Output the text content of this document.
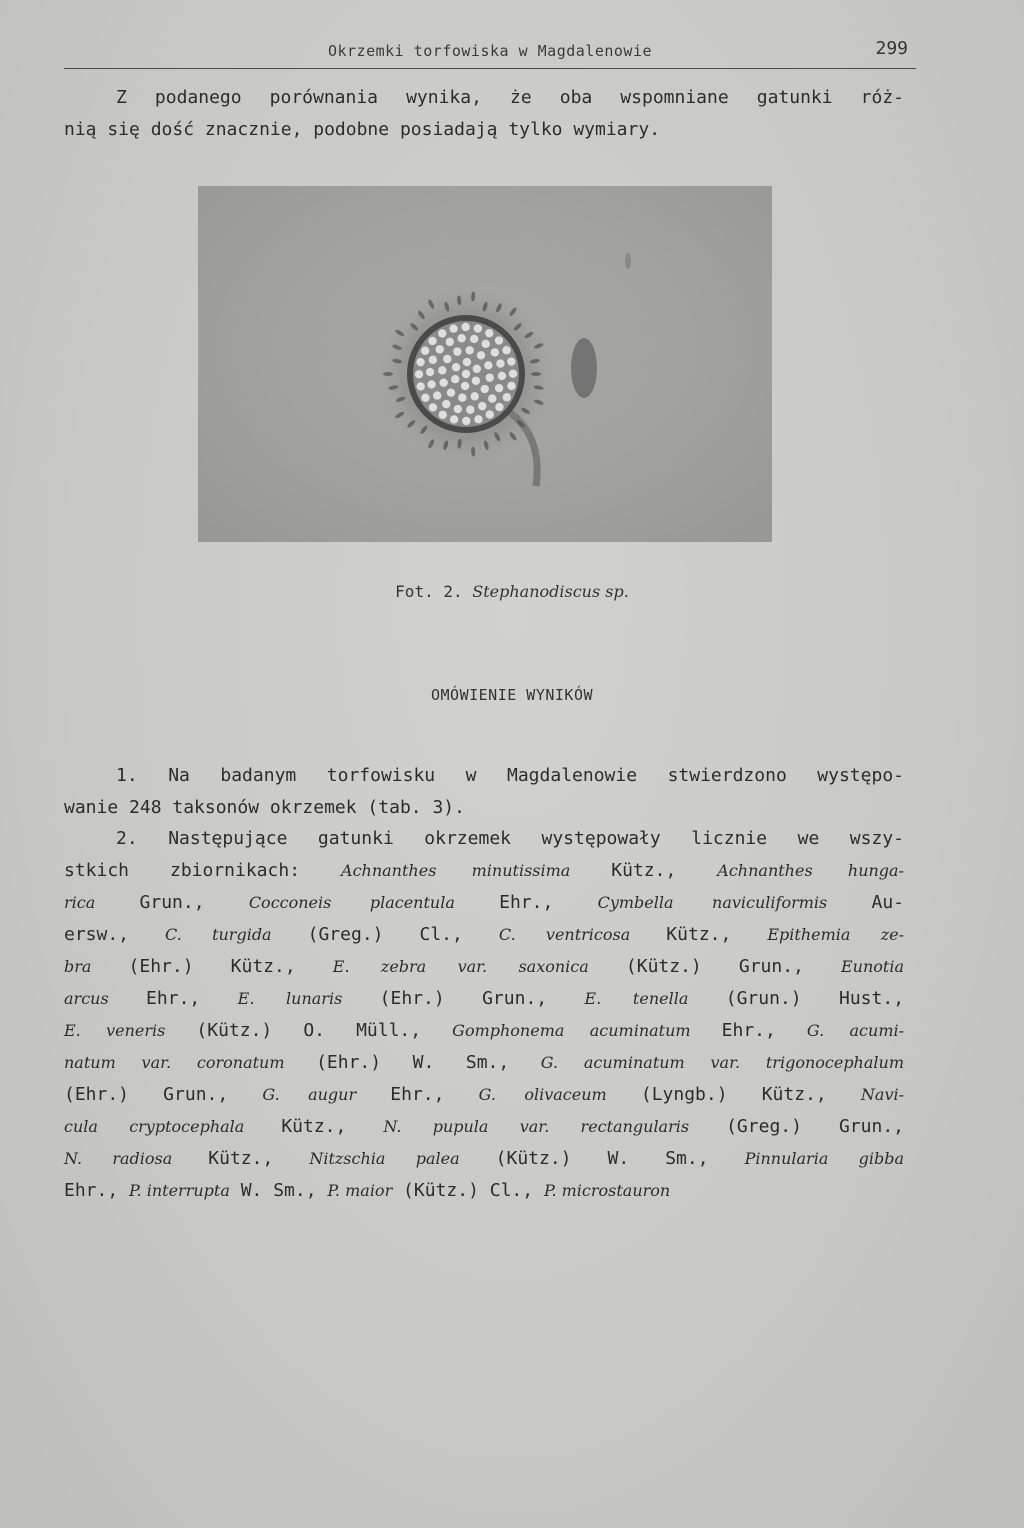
Okrzemki torfowiska w Magdalenowie	299
Z podanego porównania wynika, że oba wspomniane gatunki róż-
nią się dość znacznie, podobne posiadają tylko wymiary.
Fot. 2. Stephanodiscus sp.
OMÓWIENIE WYNIKÓW
1. Na badanym torfowisku w Magdalenowie stwierdzono występo-
wanie 248 taksonów okrzemek (tab. 3).
2. Następujące gatunki okrzemek występowały licznie we wszy-
stkich zbiornikach: Achnanthes minutissima Kütz., Achnanthes hunga-
rica Grun., Cocconeis placentula Ehr., Cymbella naviculiformis Au-
ersw., C. turgida (Greg.) Cl., C. ventricosa Kütz., Epithemia ze-
bra (Ehr.) Kütz., E. zebra var. saxonica (Kütz.) Grun., Eunotia
arcus Ehr., E. lunaris (Ehr.) Grun., E. tenella (Grun.) Hust.,
E. veneris (Kütz.) O. Müll., Gomphonema acuminatum Ehr., G. acumi-
natum var. coronatum (Ehr.) W. Sm., G. acuminatum var. trigonocephalum
(Ehr.) Grun., G. augur Ehr., G. olivaceum (Lyngb.) Kütz., Navi-
cula cryptocephala Kütz., N. pupula var. rectangularis (Greg.) Grun.,
N. radiosa Kütz., Nitzschia palea (Kütz.) W. Sm., Pinnularia gibba
Ehr., P. interrupta W. Sm., P. maior (Kütz.) Cl., P. microstauron
